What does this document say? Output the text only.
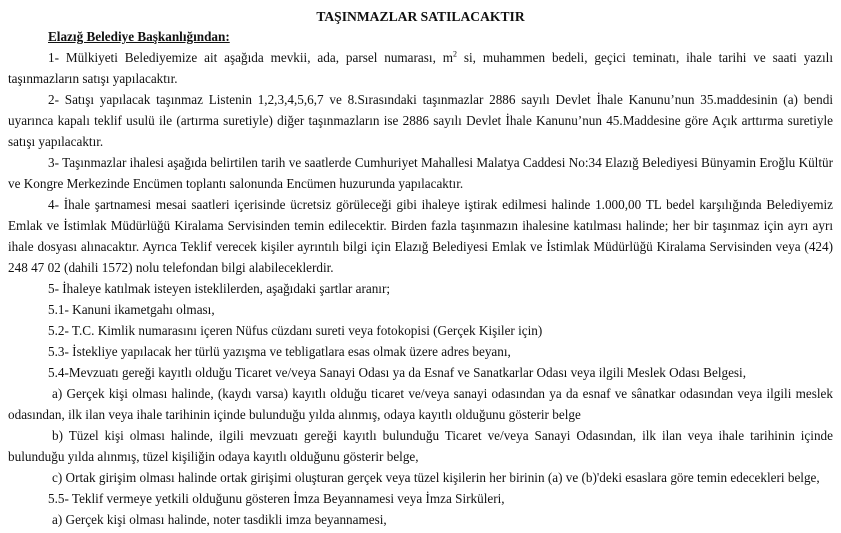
TAŞINMAZLAR SATILACAKTIR
Elazığ Belediye Başkanlığından:

1- Mülkiyeti Belediyemize ait aşağıda mevkii, ada, parsel numarası, $m^2$ si, muhammen bedeli, geçici teminatı, ihale tarihi ve saati yazılı taşınmazların satışı yapılacaktır.

2- Satışı yapılacak taşınmaz Listenin 1,2,3,4,5,6,7 ve 8.Sırasındaki taşınmazlar 2886 sayılı Devlet İhale Kanunu’nun 35.maddesinin (a) bendi uyarınca kapalı teklif usulü ile (artırma suretiyle) diğer taşınmazların ise 2886 sayılı Devlet İhale Kanunu’nun 45.Maddesine göre Açık arttırma suretiyle satışı yapılacaktır.

3- Taşınmazlar ihalesi aşağıda belirtilen tarih ve saatlerde Cumhuriyet Mahallesi Malatya Caddesi No:34 Elazığ Belediyesi Bünyamin Eroğlu Kültür ve Kongre Merkezinde Encümen toplantı salonunda Encümen huzurunda yapılacaktır.

4- İhale şartnamesi mesai saatleri içerisinde ücretsiz görüleceği gibi ihaleye iştirak edilmesi halinde 1.000,00 TL bedel karşılığında Belediyemiz Emlak ve İstimlak Müdürlüğü Kiralama Servisinden temin edilecektir. Birden fazla taşınmazın ihalesine katılması halinde; her bir taşınmaz için ayrı ayrı ihale dosyası alınacaktır. Ayrıca Teklif verecek kişiler ayrıntılı bilgi için Elazığ Belediyesi Emlak ve İstimlak Müdürlüğü Kiralama Servisinden veya (424) 248 47 02 (dahili 1572) nolu telefondan bilgi alabileceklerdir.

5- İhaleye katılmak isteyen isteklilerden, aşağıdaki şartlar aranır;

5.1- Kanuni ikametgahı olması,

5.2- T.C. Kimlik numarasını içeren Nüfus cüzdanı sureti veya fotokopisi (Gerçek Kişiler için)

5.3- İstekliye yapılacak her türlü yazışma ve tebligatlara esas olmak üzere adres beyanı,

5.4-Mevzuatı gereği kayıtlı olduğu Ticaret ve/veya Sanayi Odası ya da Esnaf ve Sanatkarlar Odası veya ilgili Meslek Odası Belgesi,

a) Gerçek kişi olması halinde, (kaydı varsa) kayıtlı olduğu ticaret ve/veya sanayi odasından ya da esnaf ve sânatkar odasından veya ilgili meslek odasından, ilk ilan veya ihale tarihinin içinde bulunduğu yılda alınmış, odaya kayıtlı olduğunu gösterir belge

b) Tüzel kişi olması halinde, ilgili mevzuatı gereği kayıtlı bulunduğu Ticaret ve/veya Sanayi Odasından, ilk ilan veya ihale tarihinin içinde bulunduğu yılda alınmış, tüzel kişiliğin odaya kayıtlı olduğunu gösterir belge,

c) Ortak girişim olması halinde ortak girişimi oluşturan gerçek veya tüzel kişilerin her birinin (a) ve (b)'deki esaslara göre temin edecekleri belge,

5.5- Teklif vermeye yetkili olduğunu gösteren İmza Beyannamesi veya İmza Sirküleri,

a) Gerçek kişi olması halinde, noter tasdikli imza beyannamesi,
